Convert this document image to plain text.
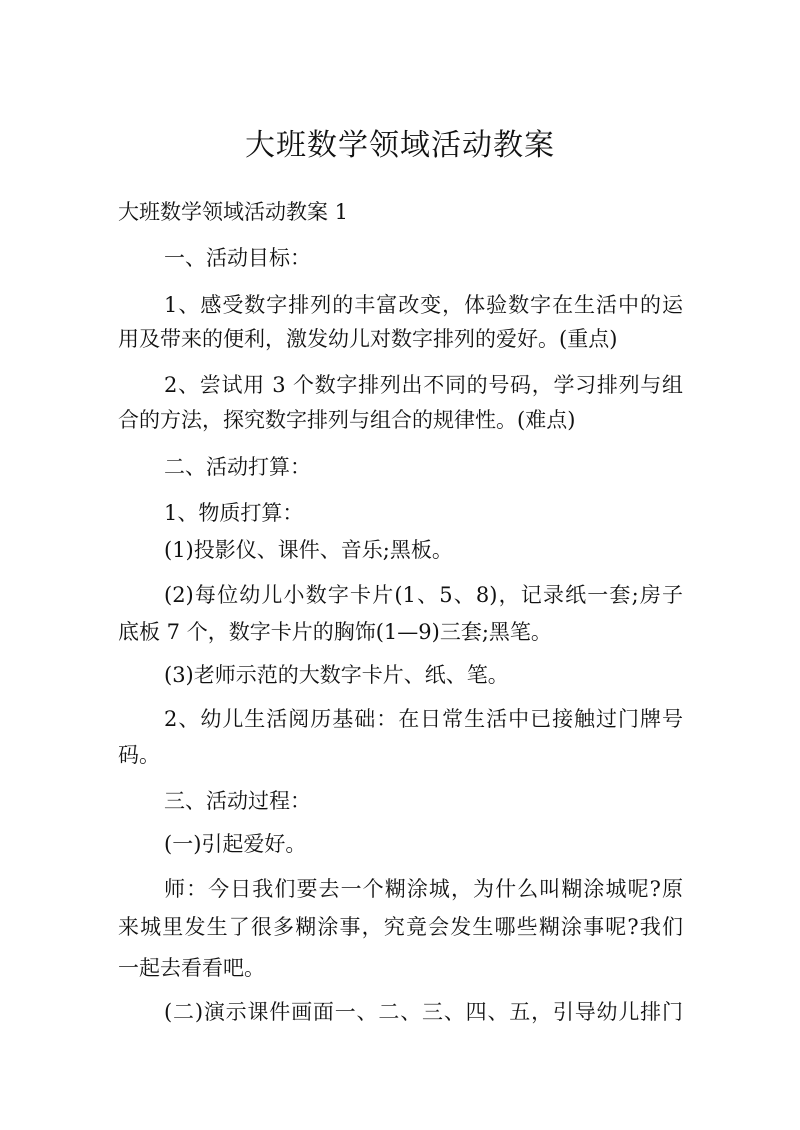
大班数学领域活动教案
大班数学领域活动教案 1
一、活动目标：
1、感受数字排列的丰富改变，体验数字在生活中的运
用及带来的便利，激发幼儿对数字排列的爱好。(重点)
2、尝试用 3 个数字排列出不同的号码，学习排列与组
合的方法，探究数字排列与组合的规律性。(难点)
二、活动打算：
1、物质打算：
(1)投影仪、课件、音乐;黑板。
(2)每位幼儿小数字卡片(1、5、8)，记录纸一套;房子
底板 7 个，数字卡片的胸饰(1—9)三套;黑笔。
(3)老师示范的大数字卡片、纸、笔。
2、幼儿生活阅历基础：在日常生活中已接触过门牌号
码。
三、活动过程：
(一)引起爱好。
师：今日我们要去一个糊涂城，为什么叫糊涂城呢?原
来城里发生了很多糊涂事，究竟会发生哪些糊涂事呢?我们
一起去看看吧。
(二)演示课件画面一、二、三、四、五，引导幼儿排门
